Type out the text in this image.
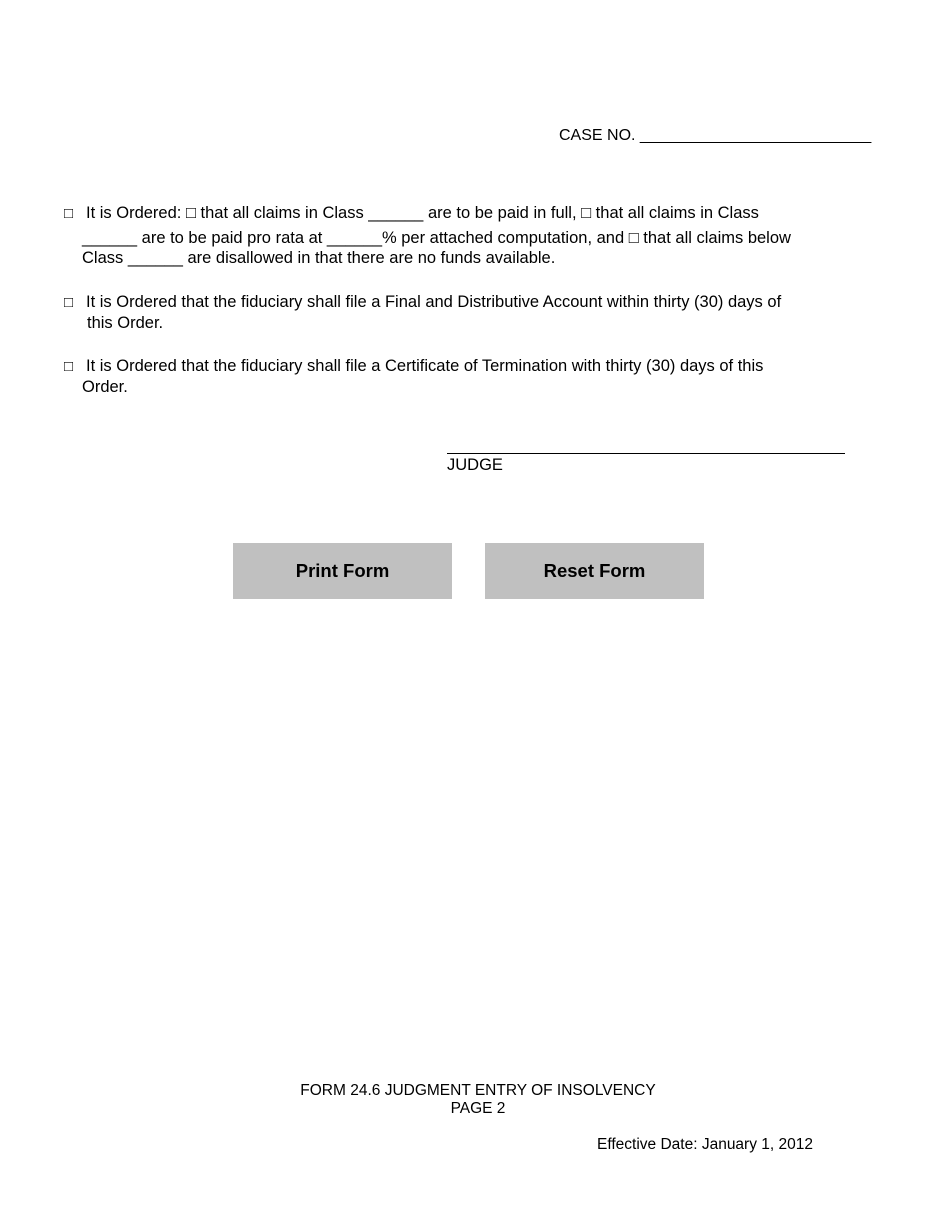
CASE NO. __________________________
□ It is Ordered: □ that all claims in Class ______ are to be paid in full, □ that all claims in Class
______ are to be paid pro rata at ______% per attached computation, and □ that all claims below
Class ______ are disallowed in that there are no funds available.
□ It is Ordered that the fiduciary shall file a Final and Distributive Account within thirty (30) days of
this Order.
□ It is Ordered that the fiduciary shall file a Certificate of Termination with thirty (30) days of this
Order.
JUDGE
Print Form	Reset Form
FORM 24.6 JUDGMENT ENTRY OF INSOLVENCY
PAGE 2
Effective Date: January 1, 2012
